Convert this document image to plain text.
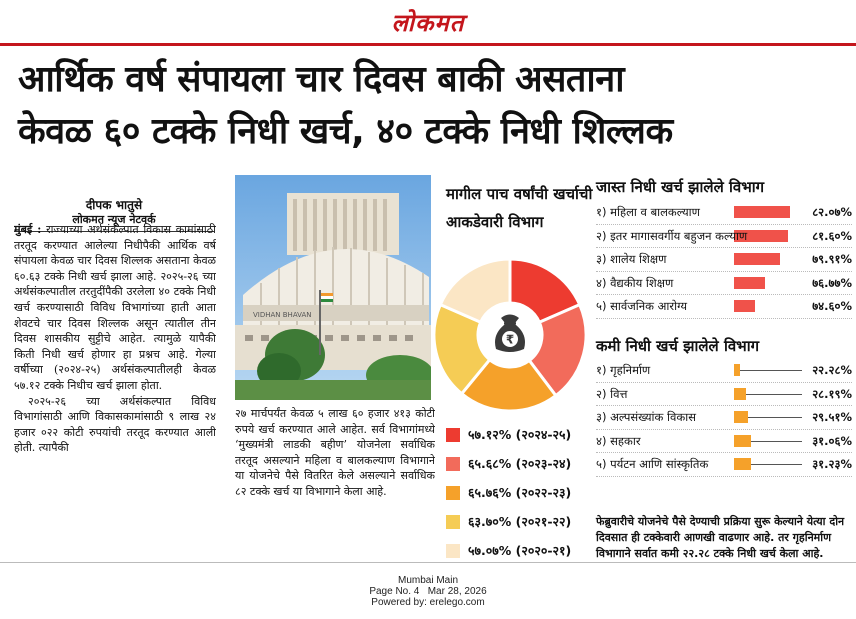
लोकमत
आर्थिक वर्ष संपायला चार दिवस बाकी असताना
केवळ ६० टक्के निधी खर्च, ४० टक्के निधी शिल्लक
दीपक भातुसे
लोकमत न्यूज नेटवर्क

मुंबई : राज्याच्या अर्थसंकल्पात विकास कामांसाठी तरतूद करण्यात आलेल्या निधीपैकी आर्थिक वर्ष संपायला केवळ चार दिवस शिल्लक असताना केवळ ६०.६३ टक्के निधी खर्च झाला आहे. २०२५-२६ च्या अर्थसंकल्पातील तरतुदींपैकी उरलेला ४० टक्के निधी खर्च करण्यासाठी विविध विभागांच्या हाती आता शेवटचे चार दिवस शिल्लक असून त्यातील तीन दिवस शासकीय सुट्टीचे आहेत. त्यामुळे यापैकी किती निधी खर्च होणार हा प्रश्नच आहे. गेल्या वर्षीच्या (२०२४-२५) अर्थसंकल्पातीलही केवळ ५७.१२ टक्के निधीच खर्च झाला होता.

२०२५-२६ च्या अर्थसंकल्पात विविध विभागांसाठी आणि विकासकामांसाठी ९ लाख २४ हजार ०२२ कोटी रुपयांची तरतूद करण्यात आली होती. त्यापैकी

VIDHAN BHAVAN
२७ मार्चपर्यंत केवळ ५ लाख ६० हजार ४१३ कोटी रुपये खर्च करण्यात आले आहेत. सर्व विभागांमध्ये ‘मुख्यमंत्री लाडकी बहीण’ योजनेला सर्वाधिक तरतूद असल्याने महिला व बालकल्याण विभागाने या योजनेचे पैसे वितरित केले असल्याने सर्वाधिक ८२ टक्के खर्च या विभागाने केला आहे.
मागील पाच वर्षांची खर्चाची आकडेवारी विभाग
₹
५७.१२% (२०२४-२५)
६५.६८% (२०२३-२४)
६५.७६% (२०२२-२३)
६३.७०% (२०२१-२२)
५७.०७% (२०२०-२१)
जास्त निधी खर्च झालेले विभाग
१) महिला व बालकल्याण	८२.०७%
२) इतर मागासवर्गीय बहुजन कल्याण	८१.६०%
३) शालेय शिक्षण	७९.९१%
४) वैद्यकीय शिक्षण	७६.७७%
५) सार्वजनिक आरोग्य	७४.६०%
कमी निधी खर्च झालेले विभाग
१) गृहनिर्माण	२२.२८%
२) वित्त	२८.१९%
३) अल्पसंख्यांक विकास	२९.५१%
४) सहकार	३१.०६%
५) पर्यटन आणि सांस्कृतिक	३१.२३%
फेब्रुवारीचे योजनेचे पैसे देण्याची प्रक्रिया सुरू केल्याने येत्या दोन दिवसात ही टक्केवारी आणखी वाढणार आहे. तर गृहनिर्माण विभागाने सर्वात कमी २२.२८ टक्के निधी खर्च केला आहे.
Mumbai Main
Page No. 4 Mar 28, 2026
Powered by: erelego.com
